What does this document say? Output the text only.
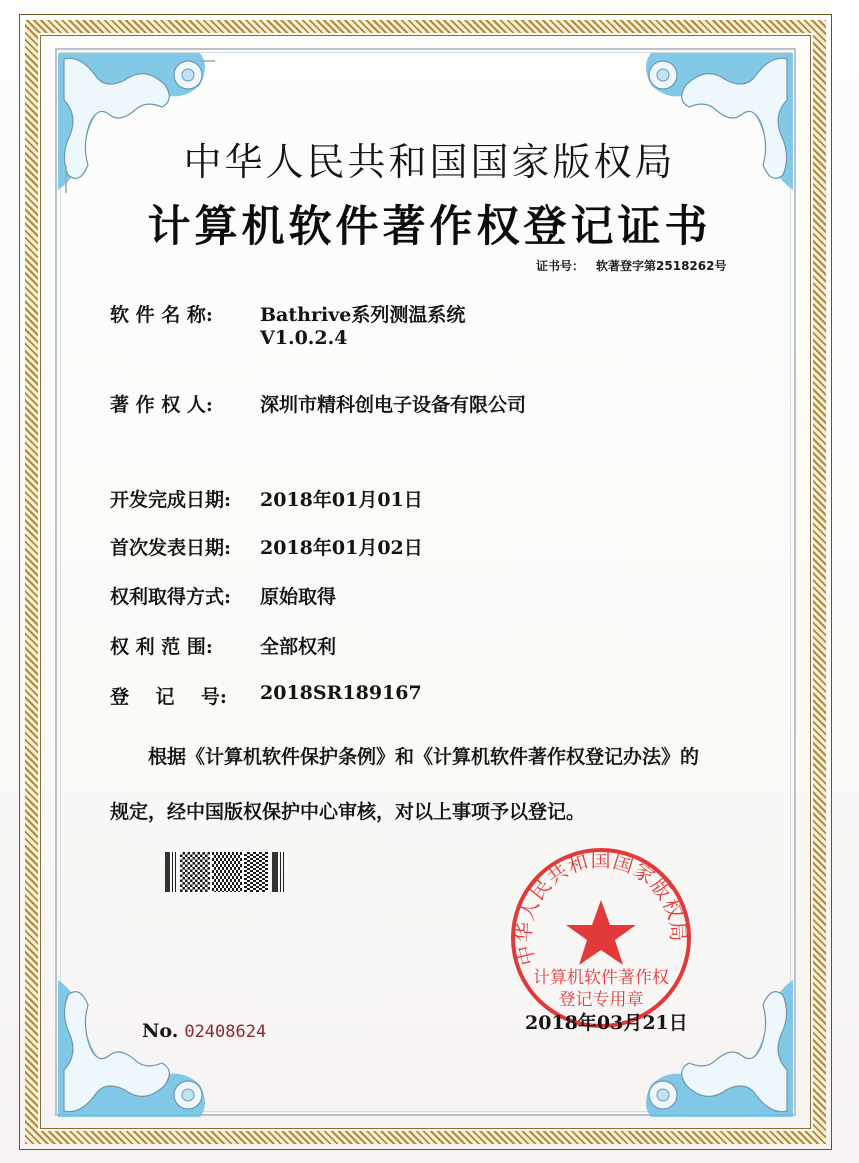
中华人民共和国国家版权局
计算机软件著作权登记证书
证书号： 软著登字第2518262号
软 件 名 称: Bathrive系列测温系统
V1.0.2.4
著 作 权 人: 深圳市精科创电子设备有限公司
开发完成日期: 2018年01月01日
首次发表日期: 2018年01月02日
权利取得方式: 原始取得
权 利 范 围: 全部权利
登    记    号: 2018SR189167
根据《计算机软件保护条例》和《计算机软件著作权登记办法》的
规定，经中国版权保护中心审核，对以上事项予以登记。
No. 02408624
中华人民共和国国家版权局
计算机软件著作权
登记专用章
2018年03月21日
